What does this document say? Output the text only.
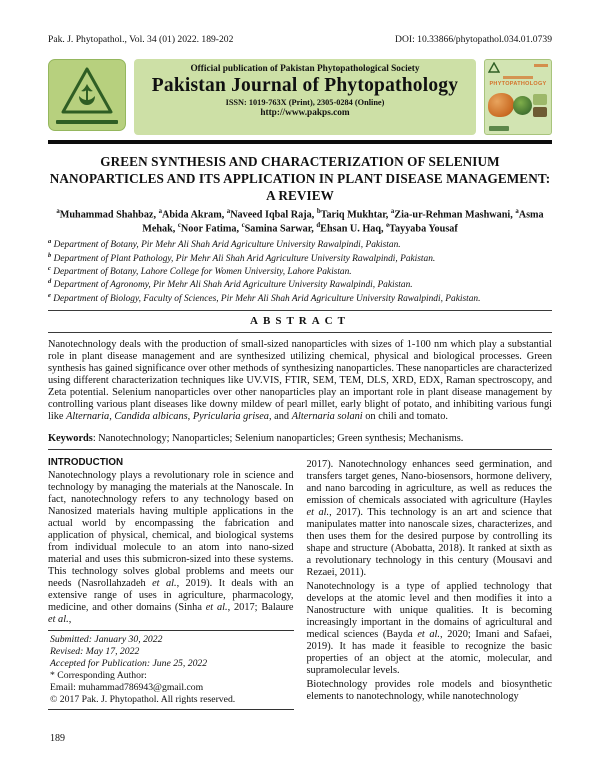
Pak. J. Phytopathol., Vol. 34 (01) 2022. 189-202	DOI: 10.33866/phytopathol.034.01.0739
Official publication of Pakistan Phytopathological Society
Pakistan Journal of Phytopathology
ISSN: 1019-763X (Print), 2305-0284 (Online)
http://www.pakps.com
PHYTOPATHOLOGY
GREEN SYNTHESIS AND CHARACTERIZATION OF SELENIUM NANOPARTICLES AND ITS APPLICATION IN PLANT DISEASE MANAGEMENT: A REVIEW
$^a$Muhammad Shahbaz, $^a$Abida Akram, $^a$Naveed Iqbal Raja, $^b$Tariq Mukhtar, $^a$Zia-ur-Rehman Mashwani, $^a$Asma Mehak, $^c$Noor Fatima, $^c$Samina Sarwar, $^d$Ehsan U. Haq, $^e$Tayyaba Yousaf
$^a$ Department of Botany, Pir Mehr Ali Shah Arid Agriculture University Rawalpindi, Pakistan.
$^b$ Department of Plant Pathology, Pir Mehr Ali Shah Arid Agriculture University Rawalpindi, Pakistan.
$^c$ Department of Botany, Lahore College for Women University, Lahore Pakistan.
$^d$ Department of Agronomy, Pir Mehr Ali Shah Arid Agriculture University Rawalpindi, Pakistan.
$^e$ Department of Biology, Faculty of Sciences, Pir Mehr Ali Shah Arid Agriculture University Rawalpindi, Pakistan.
ABSTRACT

Nanotechnology deals with the production of small-sized nanoparticles with sizes of 1-100 nm which play a substantial role in plant disease management and are synthesized utilizing chemical, physical and biological processes. Green synthesis has gained significance over other methods of synthesizing nanoparticles. These nanoparticles are characterized using different characterization techniques like UV.VIS, FTIR, SEM, TEM, DLS, XRD, EDX, Raman spectroscopy, and Zeta potential. Selenium nanoparticles over other nanoparticles play an important role in plant disease management by controlling various plant diseases like downy mildew of pearl millet, early blight of potato, and inhibiting various fungi like Alternaria, Candida albicans, Pyricularia grisea, and Alternaria solani on chili and tomato.

Keywords: Nanotechnology; Nanoparticles; Selenium nanoparticles; Green synthesis; Mechanisms.

INTRODUCTION

Nanotechnology plays a revolutionary role in science and technology by managing the materials at the Nanoscale. In fact, nanotechnology refers to any technology based on Nanosized materials having multiple applications in the actual world by encompassing the fabrication and application of physical, chemical, and biological systems from individual molecule to an atom into nano-sized material and uses this submicron-sized into these systems. This technology solves global problems and meets our needs (Nasrollahzadeh et al., 2019). It deals with an extensive range of uses in agriculture, pharmacology, medicine, and other domains (Sinha et al., 2017; Balaure et al.,

Submitted: January 30, 2022
Revised: May 17, 2022
Accepted for Publication: June 25, 2022
* Corresponding Author:
Email: muhammad786943@gmail.com
© 2017 Pak. J. Phytopathol. All rights reserved.

2017). Nanotechnology enhances seed germination, and transfers target genes, Nano-biosensors, hormone delivery, and nano barcoding in agriculture, as well as reduces the emission of chemicals associated with agriculture (Hayles et al., 2017). This technology is an art and science that manipulates matter into nanoscale sizes, characterizes, and then uses them for the desired purpose by controlling its shape and structure (Abobatta, 2018). It ranked at sixth as a revolutionary technology in this century (Mousavi and Rezaei, 2011).

Nanotechnology is a type of applied technology that develops at the atomic level and then modifies it into a Nanostructure with unique qualities. It is becoming increasingly important in the domains of agricultural and medical sciences (Bayda et al., 2020; Imani and Safaei, 2019). It has made it feasible to recognize the basic properties of an object at the atomic, molecular, and supramolecular levels.

Biotechnology provides role models and biosynthetic elements to nanotechnology, while nanotechnology

189
